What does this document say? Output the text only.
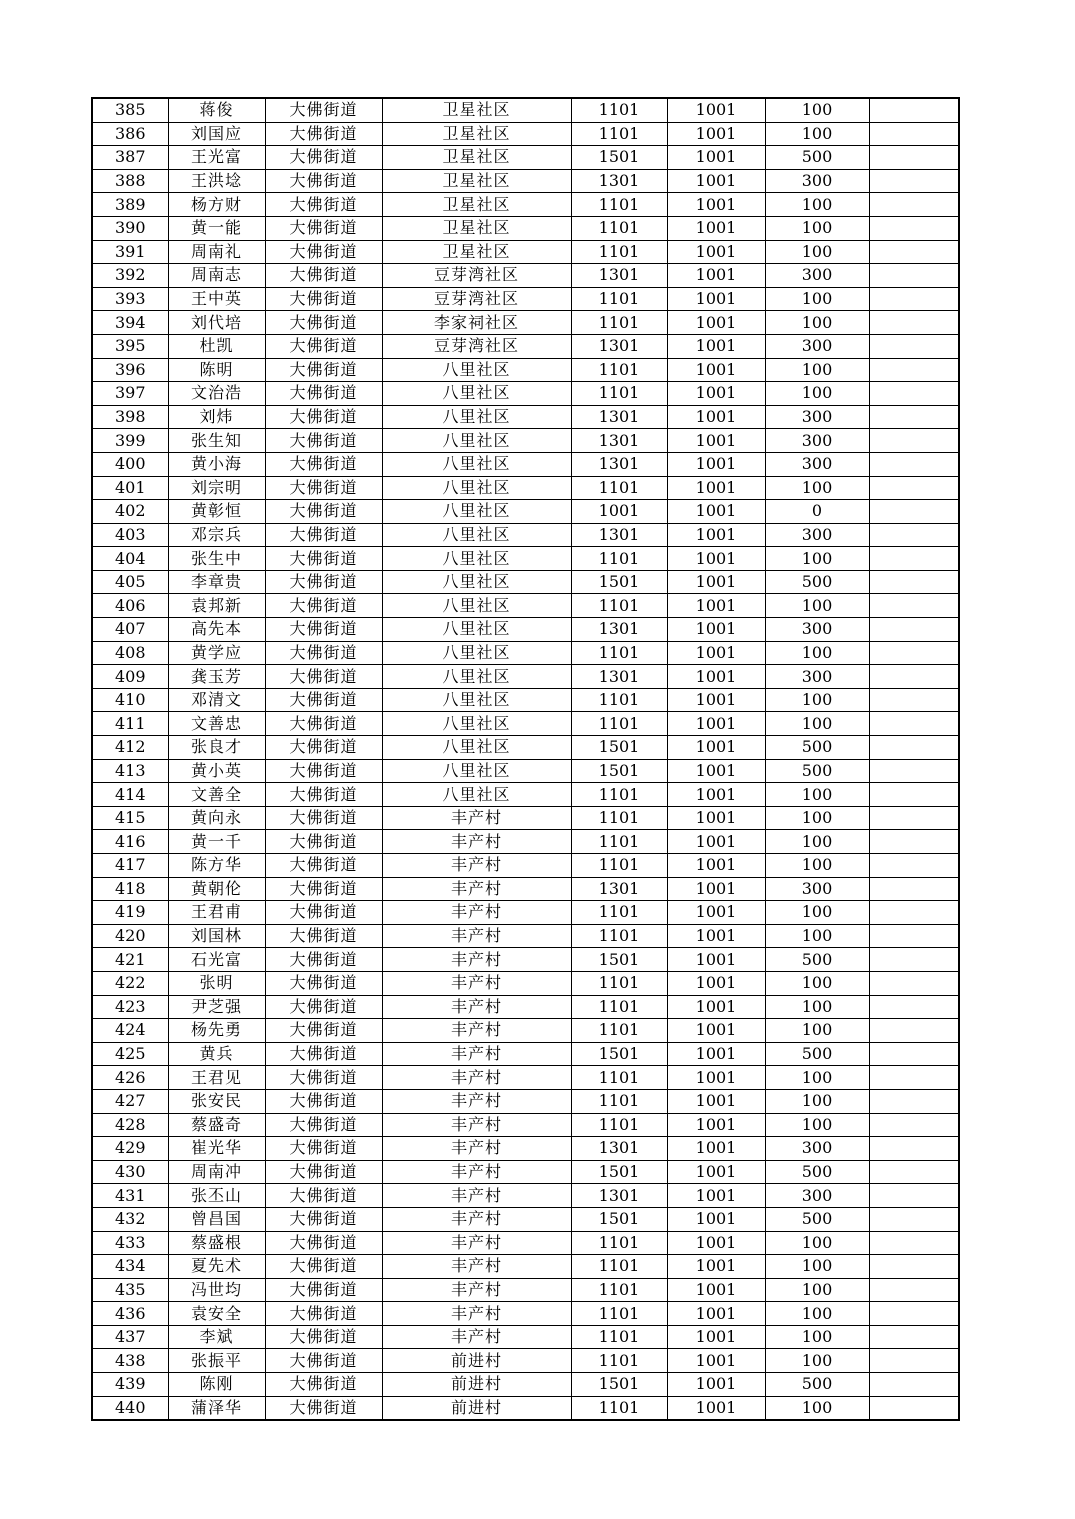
385	蒋俊	大佛街道	卫星社区	1101	1001	100	
386	刘国应	大佛街道	卫星社区	1101	1001	100	
387	王光富	大佛街道	卫星社区	1501	1001	500	
388	王洪埝	大佛街道	卫星社区	1301	1001	300	
389	杨方财	大佛街道	卫星社区	1101	1001	100	
390	黄一能	大佛街道	卫星社区	1101	1001	100	
391	周南礼	大佛街道	卫星社区	1101	1001	100	
392	周南志	大佛街道	豆芽湾社区	1301	1001	300	
393	王中英	大佛街道	豆芽湾社区	1101	1001	100	
394	刘代培	大佛街道	李家祠社区	1101	1001	100	
395	杜凯	大佛街道	豆芽湾社区	1301	1001	300	
396	陈明	大佛街道	八里社区	1101	1001	100	
397	文治浩	大佛街道	八里社区	1101	1001	100	
398	刘炜	大佛街道	八里社区	1301	1001	300	
399	张生知	大佛街道	八里社区	1301	1001	300	
400	黄小海	大佛街道	八里社区	1301	1001	300	
401	刘宗明	大佛街道	八里社区	1101	1001	100	
402	黄彰恒	大佛街道	八里社区	1001	1001	0	
403	邓宗兵	大佛街道	八里社区	1301	1001	300	
404	张生中	大佛街道	八里社区	1101	1001	100	
405	李章贵	大佛街道	八里社区	1501	1001	500	
406	袁邦新	大佛街道	八里社区	1101	1001	100	
407	高先本	大佛街道	八里社区	1301	1001	300	
408	黄学应	大佛街道	八里社区	1101	1001	100	
409	龚玉芳	大佛街道	八里社区	1301	1001	300	
410	邓清文	大佛街道	八里社区	1101	1001	100	
411	文善忠	大佛街道	八里社区	1101	1001	100	
412	张良才	大佛街道	八里社区	1501	1001	500	
413	黄小英	大佛街道	八里社区	1501	1001	500	
414	文善全	大佛街道	八里社区	1101	1001	100	
415	黄向永	大佛街道	丰产村	1101	1001	100	
416	黄一千	大佛街道	丰产村	1101	1001	100	
417	陈方华	大佛街道	丰产村	1101	1001	100	
418	黄朝伦	大佛街道	丰产村	1301	1001	300	
419	王君甫	大佛街道	丰产村	1101	1001	100	
420	刘国林	大佛街道	丰产村	1101	1001	100	
421	石光富	大佛街道	丰产村	1501	1001	500	
422	张明	大佛街道	丰产村	1101	1001	100	
423	尹芝强	大佛街道	丰产村	1101	1001	100	
424	杨先勇	大佛街道	丰产村	1101	1001	100	
425	黄兵	大佛街道	丰产村	1501	1001	500	
426	王君见	大佛街道	丰产村	1101	1001	100	
427	张安民	大佛街道	丰产村	1101	1001	100	
428	蔡盛奇	大佛街道	丰产村	1101	1001	100	
429	崔光华	大佛街道	丰产村	1301	1001	300	
430	周南冲	大佛街道	丰产村	1501	1001	500	
431	张丕山	大佛街道	丰产村	1301	1001	300	
432	曾昌国	大佛街道	丰产村	1501	1001	500	
433	蔡盛根	大佛街道	丰产村	1101	1001	100	
434	夏先术	大佛街道	丰产村	1101	1001	100	
435	冯世均	大佛街道	丰产村	1101	1001	100	
436	袁安全	大佛街道	丰产村	1101	1001	100	
437	李斌	大佛街道	丰产村	1101	1001	100	
438	张振平	大佛街道	前进村	1101	1001	100	
439	陈刚	大佛街道	前进村	1501	1001	500	
440	蒲泽华	大佛街道	前进村	1101	1001	100	
